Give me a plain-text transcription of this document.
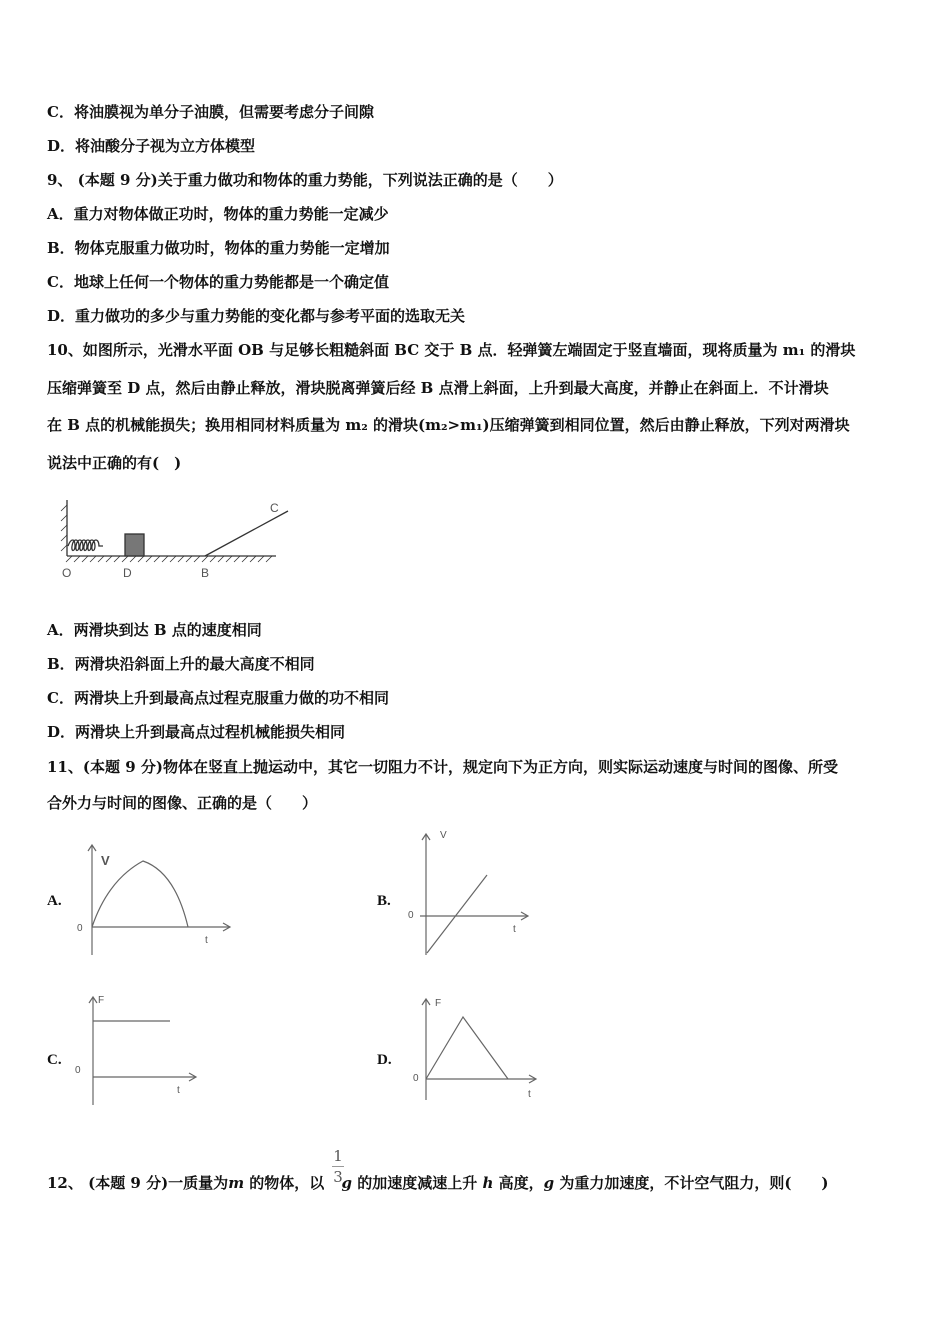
C．将油膜视为单分子油膜，但需要考虑分子间隙
D．将油酸分子视为立方体模型
9、 (本题 9 分)关于重力做功和物体的重力势能，下列说法正确的是（　　）
A．重力对物体做正功时，物体的重力势能一定减少
B．物体克服重力做功时，物体的重力势能一定增加
C．地球上任何一个物体的重力势能都是一个确定值
D．重力做功的多少与重力势能的变化都与参考平面的选取无关
10、如图所示，光滑水平面 OB 与足够长粗糙斜面 BC 交于 B 点．轻弹簧左端固定于竖直墙面，现将质量为 m₁ 的滑块
压缩弹簧至 D 点，然后由静止释放，滑块脱离弹簧后经 B 点滑上斜面，上升到最大高度，并静止在斜面上．不计滑块
在 B 点的机械能损失；换用相同材料质量为 m₂ 的滑块(m₂>m₁)压缩弹簧到相同位置，然后由静止释放，下列对两滑块
说法中正确的有(　)
O	D	B
C
A．两滑块到达 B 点的速度相同
B．两滑块沿斜面上升的最大高度不相同
C．两滑块上升到最高点过程克服重力做的功不相同
D．两滑块上升到最高点过程机械能损失相同
11、(本题 9 分)物体在竖直上抛运动中，其它一切阻力不计，规定向下为正方向，则实际运动速度与时间的图像、所受
合外力与时间的图像、正确的是（　　）
A.	B.
C.	D.
V
0
t
V
0
t
F
0
t
F
0
t
1
3
12、 (本题 9 分)一质量为m 的物体，以 g 的加速度减速上升 h 高度，g 为重力加速度，不计空气阻力，则(　　)
